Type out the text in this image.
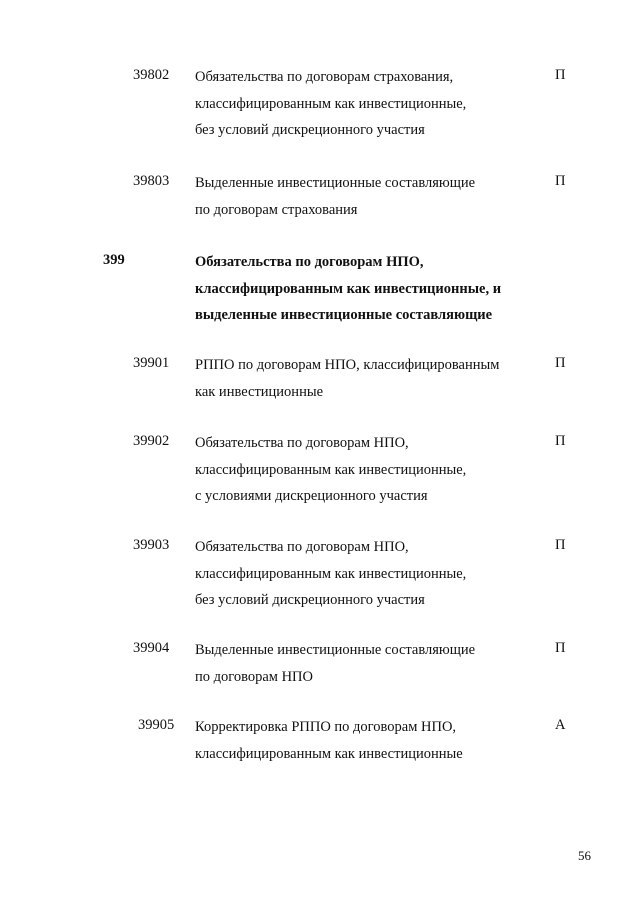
39802 Обязательства по договорам страхования,
классифицированным как инвестиционные,
без условий дискреционного участия
П
39803 Выделенные инвестиционные составляющие
по договорам страхования
П
399	Обязательства по договорам НПО,
классифицированным как инвестиционные, и
выделенные инвестиционные составляющие
39901 РППО по договорам НПО, классифицированным
как инвестиционные
П
39902 Обязательства по договорам НПО,
классифицированным как инвестиционные,
с условиями дискреционного участия
П
39903 Обязательства по договорам НПО,
классифицированным как инвестиционные,
без условий дискреционного участия
П
39904 Выделенные инвестиционные составляющие
по договорам НПО
П
39905 Корректировка РППО по договорам НПО,
классифицированным как инвестиционные
А
56
